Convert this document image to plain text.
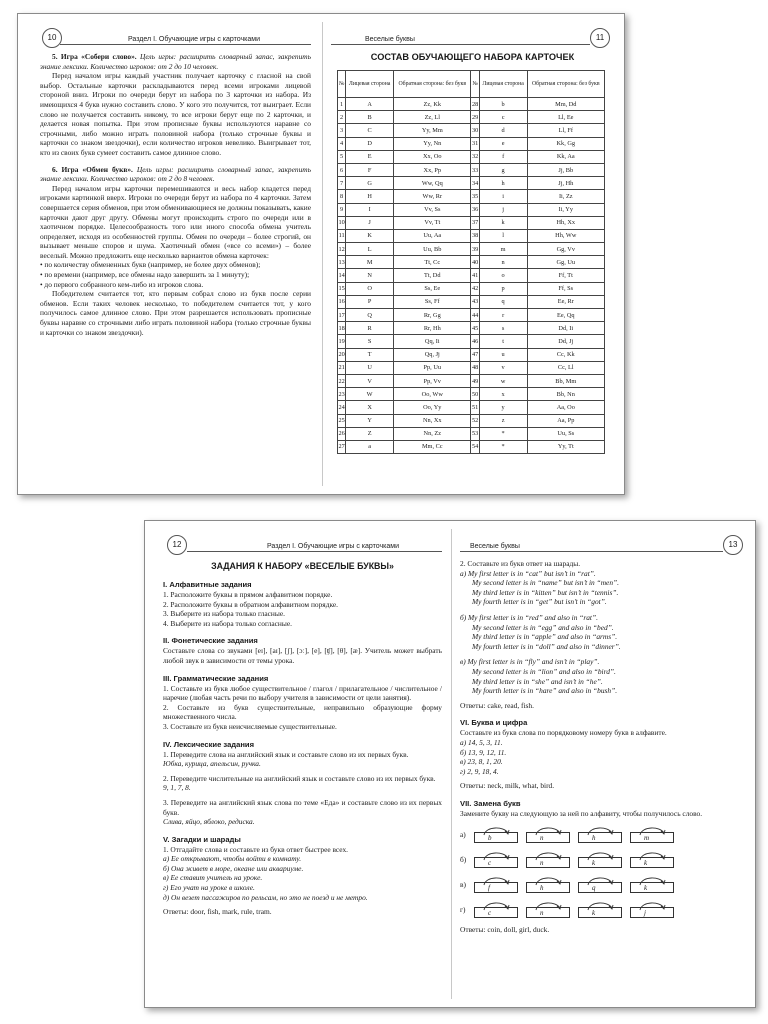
10	Раздел I. Обучающие игры с карточками

5. Игра «Собери слово». Цель игры: расширить словарный запас, закрепить знание лексики. Количество игроков: от 2 до 10 человек.

Перед началом игры каждый участник получает карточку с гласной на свой выбор. Остальные карточки раскладываются перед всеми игроками лицевой стороной вниз. Игроки по очереди берут из набора по 3 карточки из набора. Из имеющихся 4 букв нужно составить слово. У кого это получится, тот выиграет. Если слово не получается составить никому, то все игроки берут еще по 2 карточки, и делается новая попытка. При этом прописные буквы используются наравне со строчными, либо можно играть половиной набора (только строчные буквы и карточки со знаком звездочки), если количество игроков невелико. Выигрывает тот, кто из своих букв сумеет составить самое длинное слово.

6. Игра «Обмен букв». Цель игры: расширить словарный запас, закрепить знание лексики. Количество игроков: от 2 до 8 человек.

Перед началом игры карточки перемешиваются и весь набор кладется перед игроками картинкой вверх. Игроки по очереди берут из набора по 4 карточки. Затем совершается серия обменов, при этом обменивающиеся не должны показывать, какие карточки дают друг другу. Обмены могут происходить строго по очереди или в хаотичном порядке. Целесообразность того или иного способа обмена учитель определяет, исходя из особенностей группы. Обмен по очереди – более строгий, он вызывает меньше споров и шума. Хаотичный обмен («все со всеми») – более веселый. Можно предложить еще несколько вариантов обмена карточек:

• по количеству обмененных букв (например, не более двух обменов);

• по времени (например, все обмены надо завершить за 1 минуту);

• до первого собранного кем-либо из игроков слова.

Победителем считается тот, кто первым собрал слово из букв после серии обменов. Если таких человек несколько, то победителем считается тот, у кого получилось самое длинное слово. При этом разрешается использовать прописные буквы наравне со строчными либо играть половиной набора (только строчные буквы и карточки со знаком звездочки).

Веселые буквы	11
СОСТАВ ОБУЧАЮЩЕГО НАБОРА КАРТОЧЕК
№	Лицевая сторона	Обратная сторона: без букв	№	Лицевая сторона	Обратная сторона: без букв
1	A	Zz, Kk	28	b	Mm, Dd
2	B	Zz, Ll	29	c	Ll, Ee
3	C	Yy, Mm	30	d	Ll, Ff
4	D	Yy, Nn	31	e	Kk, Gg
5	E	Xx, Oo	32	f	Kk, Aa
6	F	Xx, Pp	33	g	Jj, Bb
7	G	Ww, Qq	34	h	Jj, Hh
8	H	Ww, Rr	35	i	Ii, Zz
9	I	Vv, Ss	36	j	Ii, Yy
10	J	Vv, Tt	37	k	Hh, Xx
11	K	Uu, Aa	38	l	Hh, Ww
12	L	Uu, Bb	39	m	Gg, Vv
13	M	Tt, Cc	40	n	Gg, Uu
14	N	Tt, Dd	41	o	Ff, Tt
15	O	Ss, Ee	42	p	Ff, Ss
16	P	Ss, Ff	43	q	Ee, Rr
17	Q	Rr, Gg	44	r	Ee, Qq
18	R	Rr, Hh	45	s	Dd, Ii
19	S	Qq, Ii	46	t	Dd, Jj
20	T	Qq, Jj	47	u	Cc, Kk
21	U	Pp, Uu	48	v	Cc, Ll
22	V	Pp, Vv	49	w	Bb, Mm
23	W	Oo, Ww	50	x	Bb, Nn
24	X	Oo, Yy	51	y	Aa, Oo
25	Y	Nn, Xx	52	z	Aa, Pp
26	Z	Nn, Zz	53	*	Uu, Ss
27	a	Mm, Cc	54	*	Yy, Tt
12	Раздел I. Обучающие игры с карточками
ЗАДАНИЯ К НАБОРУ «ВЕСЕЛЫЕ БУКВЫ»
I. Алфавитные задания

1. Расположите буквы в прямом алфавитном порядке.

2. Расположите буквы в обратном алфавитном порядке.

3. Выберите из набора только гласные.

4. Выберите из набора только согласные.

II. Фонетические задания

Составьте слова со звуками [eɪ], [aɪ], [ʃ], [ɔː], [e], [ʧ], [θ], [æ]. Учитель может выбрать любой звук в зависимости от темы урока.

III. Грамматические задания

1. Составьте из букв любое существительное / глагол / прилагательное / числительное / наречие (любая часть речи по выбору учителя в зависимости от цели занятия).

2. Составьте из букв существительные, неправильно образующие форму множественного числа.

3. Составьте из букв неисчисляемые существительные.

IV. Лексические задания

1. Переведите слова на английский язык и составьте слово из их первых букв.

Юбка, курица, апельсин, ручка.

2. Переведите числительные на английский язык и составьте слово из их первых букв.

9, 1, 7, 8.

3. Переведите на английский язык слова по теме «Еда» и составьте слово из их первых букв.

Слива, яйцо, яблоко, редиска.

V. Загадки и шарады

1. Отгадайте слова и составьте из букв ответ быстрее всех.

а) Ее открывают, чтобы войти в комнату.

б) Она живет в море, океане или аквариуме.

в) Ее ставит учитель на уроке.

г) Его учат на уроке в школе.

д) Он везет пассажиров по рельсам, но это не поезд и не метро.

Ответы: door, fish, mark, rule, tram.

Веселые буквы	13

2. Составьте из букв ответ на шарады.

а) My first letter is in “cat” but isn’t in “rat”.

My second letter is in “name” but isn’t in “men”.

My third letter is in “kitten” but isn’t in “tennis”.

My fourth letter is in “get” but isn’t in “got”.

б) My first letter is in “red” and also in “rat”.

My second letter is in “egg” and also in “bed”.

My third letter is in “apple” and also in “arms”.

My fourth letter is in “doll” and also in “dinner”.

в) My first letter is in “fly” and isn’t in “play”.

My second letter is in “lion” and also in “bird”.

My third letter is in “she” and isn’t in “he”.

My fourth letter is in “hare” and also in “bush”.

Ответы: cake, read, fish.

VI. Буква и цифра

Составьте из букв слова по порядковому номеру букв в алфавите.

а) 14, 5, 3, 11.

б) 13, 9, 12, 11.

в) 23, 8, 1, 20.

г) 2, 9, 18, 4.

Ответы: neck, milk, what, bird.

VII. Замена букв

Замените букву на следующую за ней по алфавиту, чтобы получилось слово.

а)	b	n	h	m
б)	c	n	k	k
в)	f	h	q	k
г)	c	n	k	j

Ответы: coin, doll, girl, duck.
